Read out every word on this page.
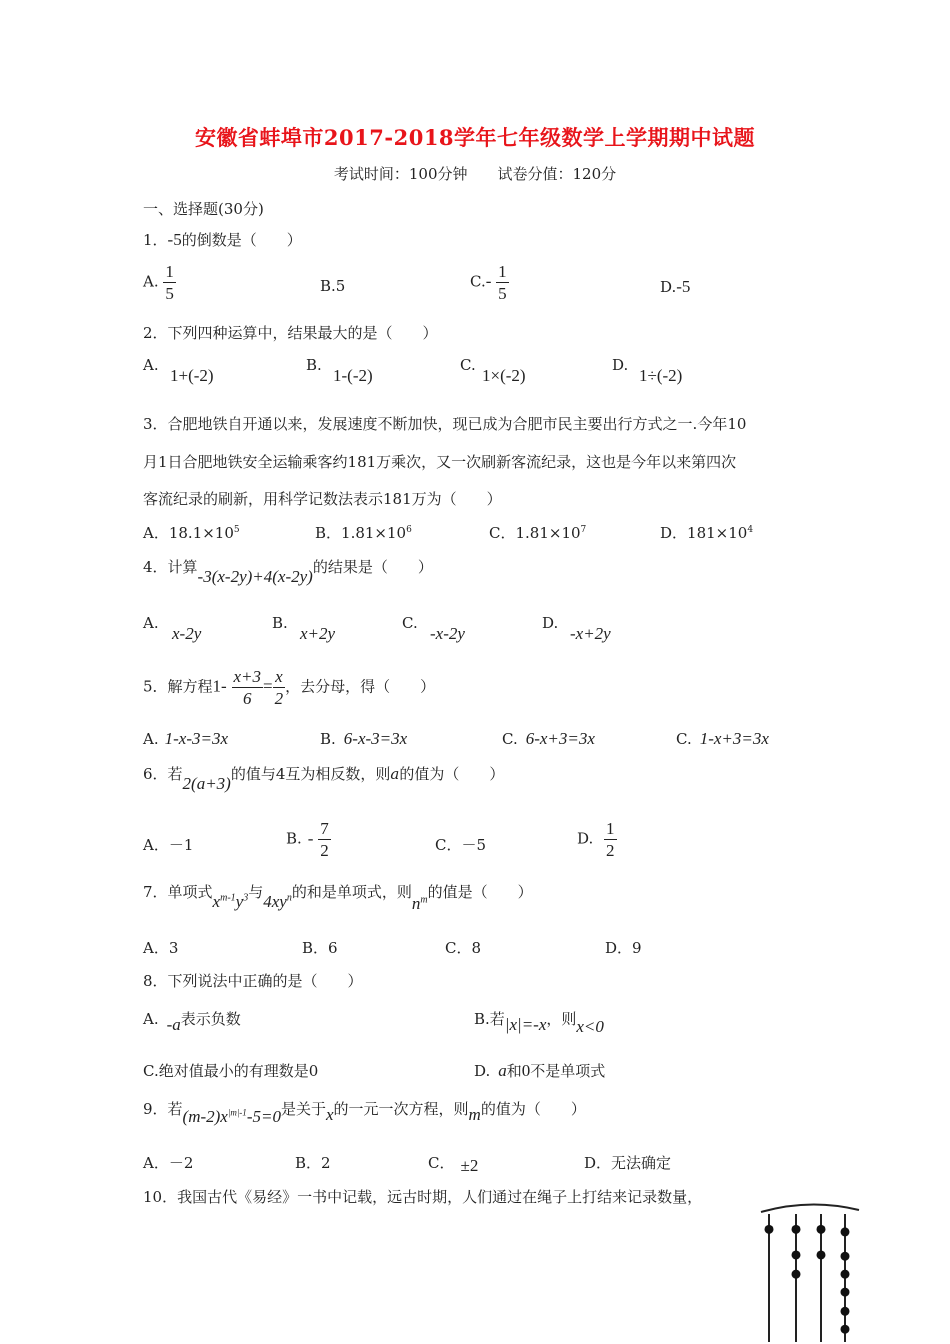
安徽省蚌埠市2017-2018学年七年级数学上学期期中试题
考试时间：100分钟　　试卷分值：120分
一、选择题(30分)
1．-5的倒数是（　　）
A. $\frac{1}{5}$	B.5	$C.- \frac{1}{5}$	D.-5
2．下列四种运算中，结果最大的是（　　）
A.
1+(-2)
B.
1-(-2)
C.
1×(-2)
D.
1÷(-2)
3．合肥地铁自开通以来，发展速度不断加快，现已成为合肥市民主要出行方式之一.今年10
月1日合肥地铁安全运输乘客约181万乘次，又一次刷新客流纪录，这也是今年以来第四次
客流纪录的刷新，用科学记数法表示181万为（　　）
A．$18.1\times 10^5$	B．$1.81\times 10^6$	C．$1.81\times 10^7$	D．$181\times 10^4$
4．计算-3(x-2y)+4(x-2y)的结果是（　　）
A.
x-2y
B.
x+2y
C.
-x-2y
D.
-x+2y
5．解方程$1- \frac{x+3}{6} = \frac{x}{2}$ ，去分母，得（　　）
A. 1-x-3=3x	B. 6-x-3=3x	C. 6-x+3=3x	C. 1-x+3=3x
6．若2(a+3)的值与4互为相反数，则a的值为（　　）
A．－1	B. - $\frac{7}{2}$	C．－5	D. $\frac{1}{2}$
7．单项式$x^{m-1}y^3$与$4xy^n$的和是单项式，则$n^m$的值是（　　）
A．3	B．6	C．8	D．9
8．下列说法中正确的是（　　）
A. -a表示负数	B.若|x|=-x，则x<0
C.绝对值最小的有理数是0	D. a和0不是单项式
9．若$(m-2)x^{|m|-1}-5=0$是关于x的一元一次方程，则m的值为（　　）
A．－2	B．2	C． ±2	D．无法确定
10．我国古代《易经》一书中记载，远古时期，人们通过在绳子上打结来记录数量，
